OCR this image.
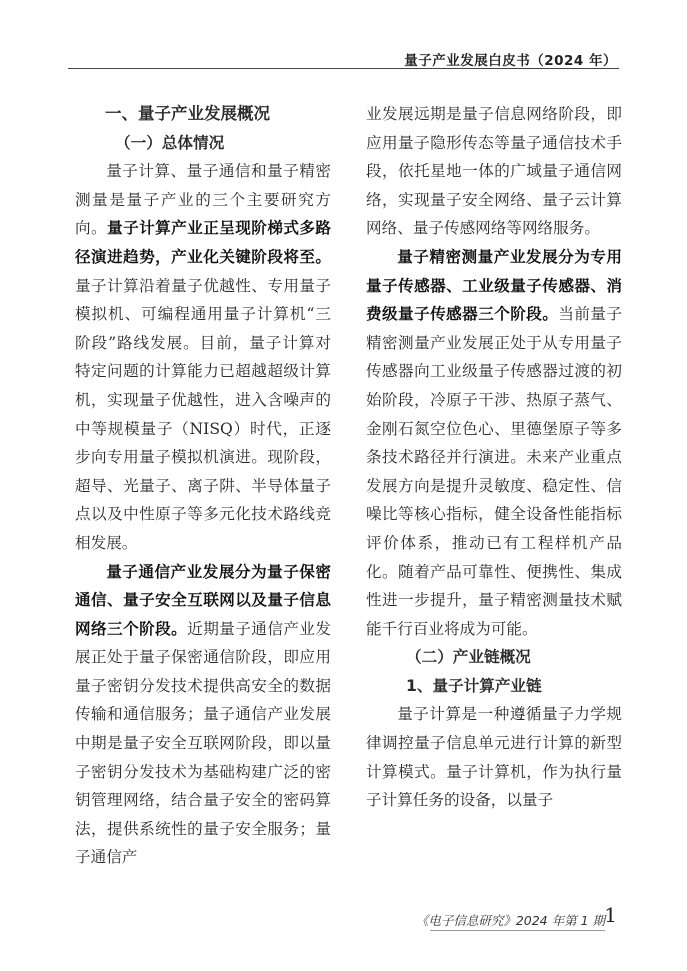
量子产业发展白皮书（2024 年）
一、量子产业发展概况
（一）总体情况

量子计算、量子通信和量子精密测量是量子产业的三个主要研究方向。量子计算产业正呈现阶梯式多路径演进趋势，产业化关键阶段将至。量子计算沿着量子优越性、专用量子模拟机、可编程通用量子计算机“三阶段”路线发展。目前，量子计算对特定问题的计算能力已超越超级计算机，实现量子优越性，进入含噪声的中等规模量子（NISQ）时代，正逐步向专用量子模拟机演进。现阶段，超导、光量子、离子阱、半导体量子点以及中性原子等多元化技术路线竞相发展。

量子通信产业发展分为量子保密通信、量子安全互联网以及量子信息网络三个阶段。近期量子通信产业发展正处于量子保密通信阶段，即应用量子密钥分发技术提供高安全的数据传输和通信服务；量子通信产业发展中期是量子安全互联网阶段，即以量子密钥分发技术为基础构建广泛的密钥管理网络，结合量子安全的密码算法，提供系统性的量子安全服务；量子通信产

业发展远期是量子信息网络阶段，即应用量子隐形传态等量子通信技术手段，依托星地一体的广域量子通信网络，实现量子安全网络、量子云计算网络、量子传感网络等网络服务。

量子精密测量产业发展分为专用量子传感器、工业级量子传感器、消费级量子传感器三个阶段。当前量子精密测量产业发展正处于从专用量子传感器向工业级量子传感器过渡的初始阶段，冷原子干涉、热原子蒸气、金刚石氮空位色心、里德堡原子等多条技术路径并行演进。未来产业重点发展方向是提升灵敏度、稳定性、信噪比等核心指标，健全设备性能指标评价体系，推动已有工程样机产品化。随着产品可靠性、便携性、集成性进一步提升，量子精密测量技术赋能千行百业将成为可能。

（二）产业链概况
1、量子计算产业链

量子计算是一种遵循量子力学规律调控量子信息单元进行计算的新型计算模式。量子计算机，作为执行量子计算任务的设备，以量子

《电子信息研究》2024 年第 1 期 1
